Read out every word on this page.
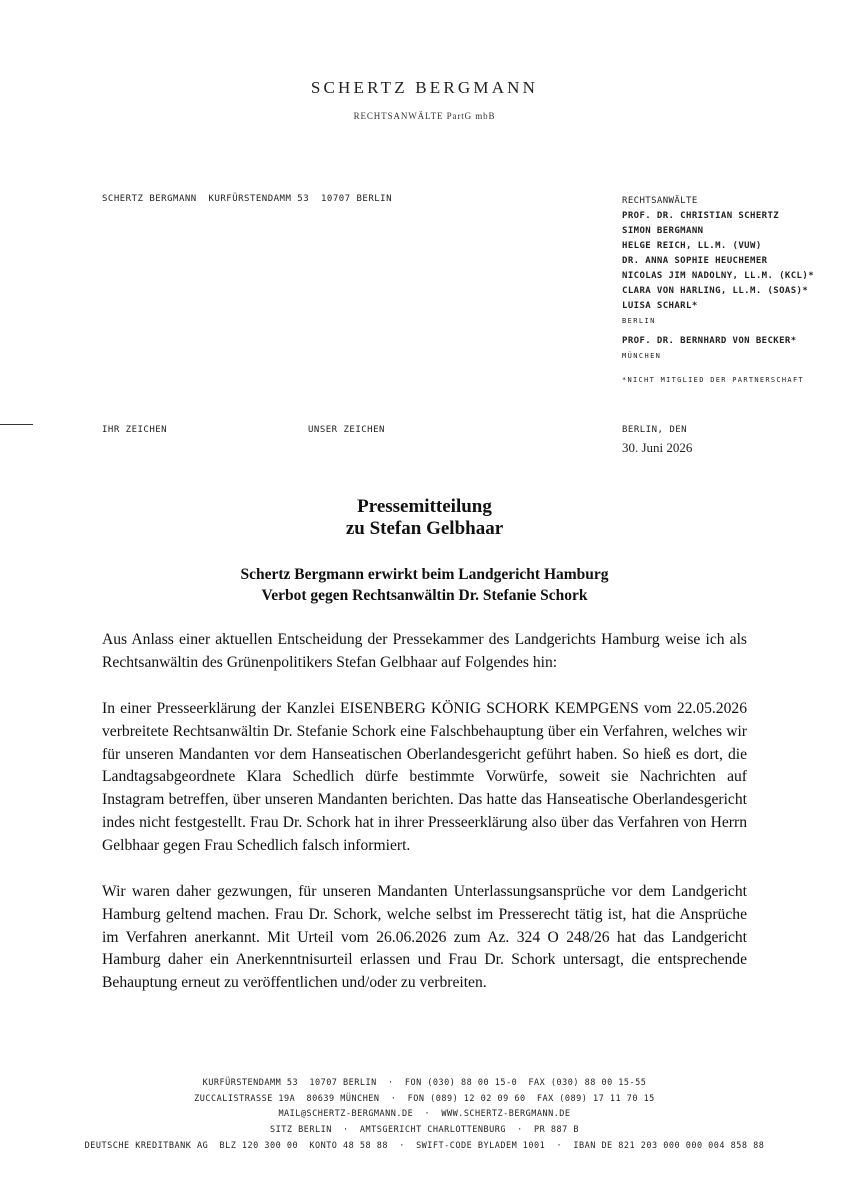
SCHERTZ BERGMANN
RECHTSANWÄLTE PartG mbB
SCHERTZ BERGMANN  KURFÜRSTENDAMM 53  10707 BERLIN	RECHTSANWÄLTE
PROF. DR. CHRISTIAN SCHERTZ
SIMON BERGMANN
HELGE REICH, LL.M. (VUW)
DR. ANNA SOPHIE HEUCHEMER
NICOLAS JIM NADOLNY, LL.M. (KCL)*
CLARA VON HARLING, LL.M. (SOAS)*
LUISA SCHARL*
BERLIN
PROF. DR. BERNHARD VON BECKER*
MÜNCHEN
*NICHT MITGLIED DER PARTNERSCHAFT
IHR ZEICHEN	UNSER ZEICHEN	BERLIN, DEN
30. Juni 2026
Pressemitteilung
zu Stefan Gelbhaar
Schertz Bergmann erwirkt beim Landgericht Hamburg
Verbot gegen Rechtsanwältin Dr. Stefanie Schork
Aus Anlass einer aktuellen Entscheidung der Pressekammer des Landgerichts Hamburg weise ich als Rechtsanwältin des Grünenpolitikers Stefan Gelbhaar auf Folgendes hin:
In einer Presseerklärung der Kanzlei EISENBERG KÖNIG SCHORK KEMPGENS vom 22.05.2026 verbreitete Rechtsanwältin Dr. Stefanie Schork eine Falschbehauptung über ein Verfahren, welches wir für unseren Mandanten vor dem Hanseatischen Oberlandesgericht geführt haben. So hieß es dort, die Landtagsabgeordnete Klara Schedlich dürfe bestimmte Vorwürfe, soweit sie Nachrichten auf Instagram betreffen, über unseren Mandanten berichten. Das hatte das Hanseatische Oberlandesgericht indes nicht festgestellt. Frau Dr. Schork hat in ihrer Presseerklärung also über das Verfahren von Herrn Gelbhaar gegen Frau Schedlich falsch informiert.
Wir waren daher gezwungen, für unseren Mandanten Unterlassungsansprüche vor dem Landgericht Hamburg geltend machen. Frau Dr. Schork, welche selbst im Presserecht tätig ist, hat die Ansprüche im Verfahren anerkannt. Mit Urteil vom 26.06.2026 zum Az. 324 O 248/26 hat das Landgericht Hamburg daher ein Anerkenntnisurteil erlassen und Frau Dr. Schork untersagt, die entsprechende Behauptung erneut zu veröffentlichen und/oder zu verbreiten.
KURFÜRSTENDAMM 53  10707 BERLIN  ·  FON (030) 88 00 15-0  FAX (030) 88 00 15-55
ZUCCALISTRASSE 19A  80639 MÜNCHEN  ·  FON (089) 12 02 09 60  FAX (089) 17 11 70 15
MAIL@SCHERTZ-BERGMANN.DE  ·  WWW.SCHERTZ-BERGMANN.DE
SITZ BERLIN  ·  AMTSGERICHT CHARLOTTENBURG  ·  PR 887 B
DEUTSCHE KREDITBANK AG  BLZ 120 300 00  KONTO 48 58 88  ·  SWIFT-CODE BYLADEM 1001  ·  IBAN DE 821 203 000 000 004 858 88
